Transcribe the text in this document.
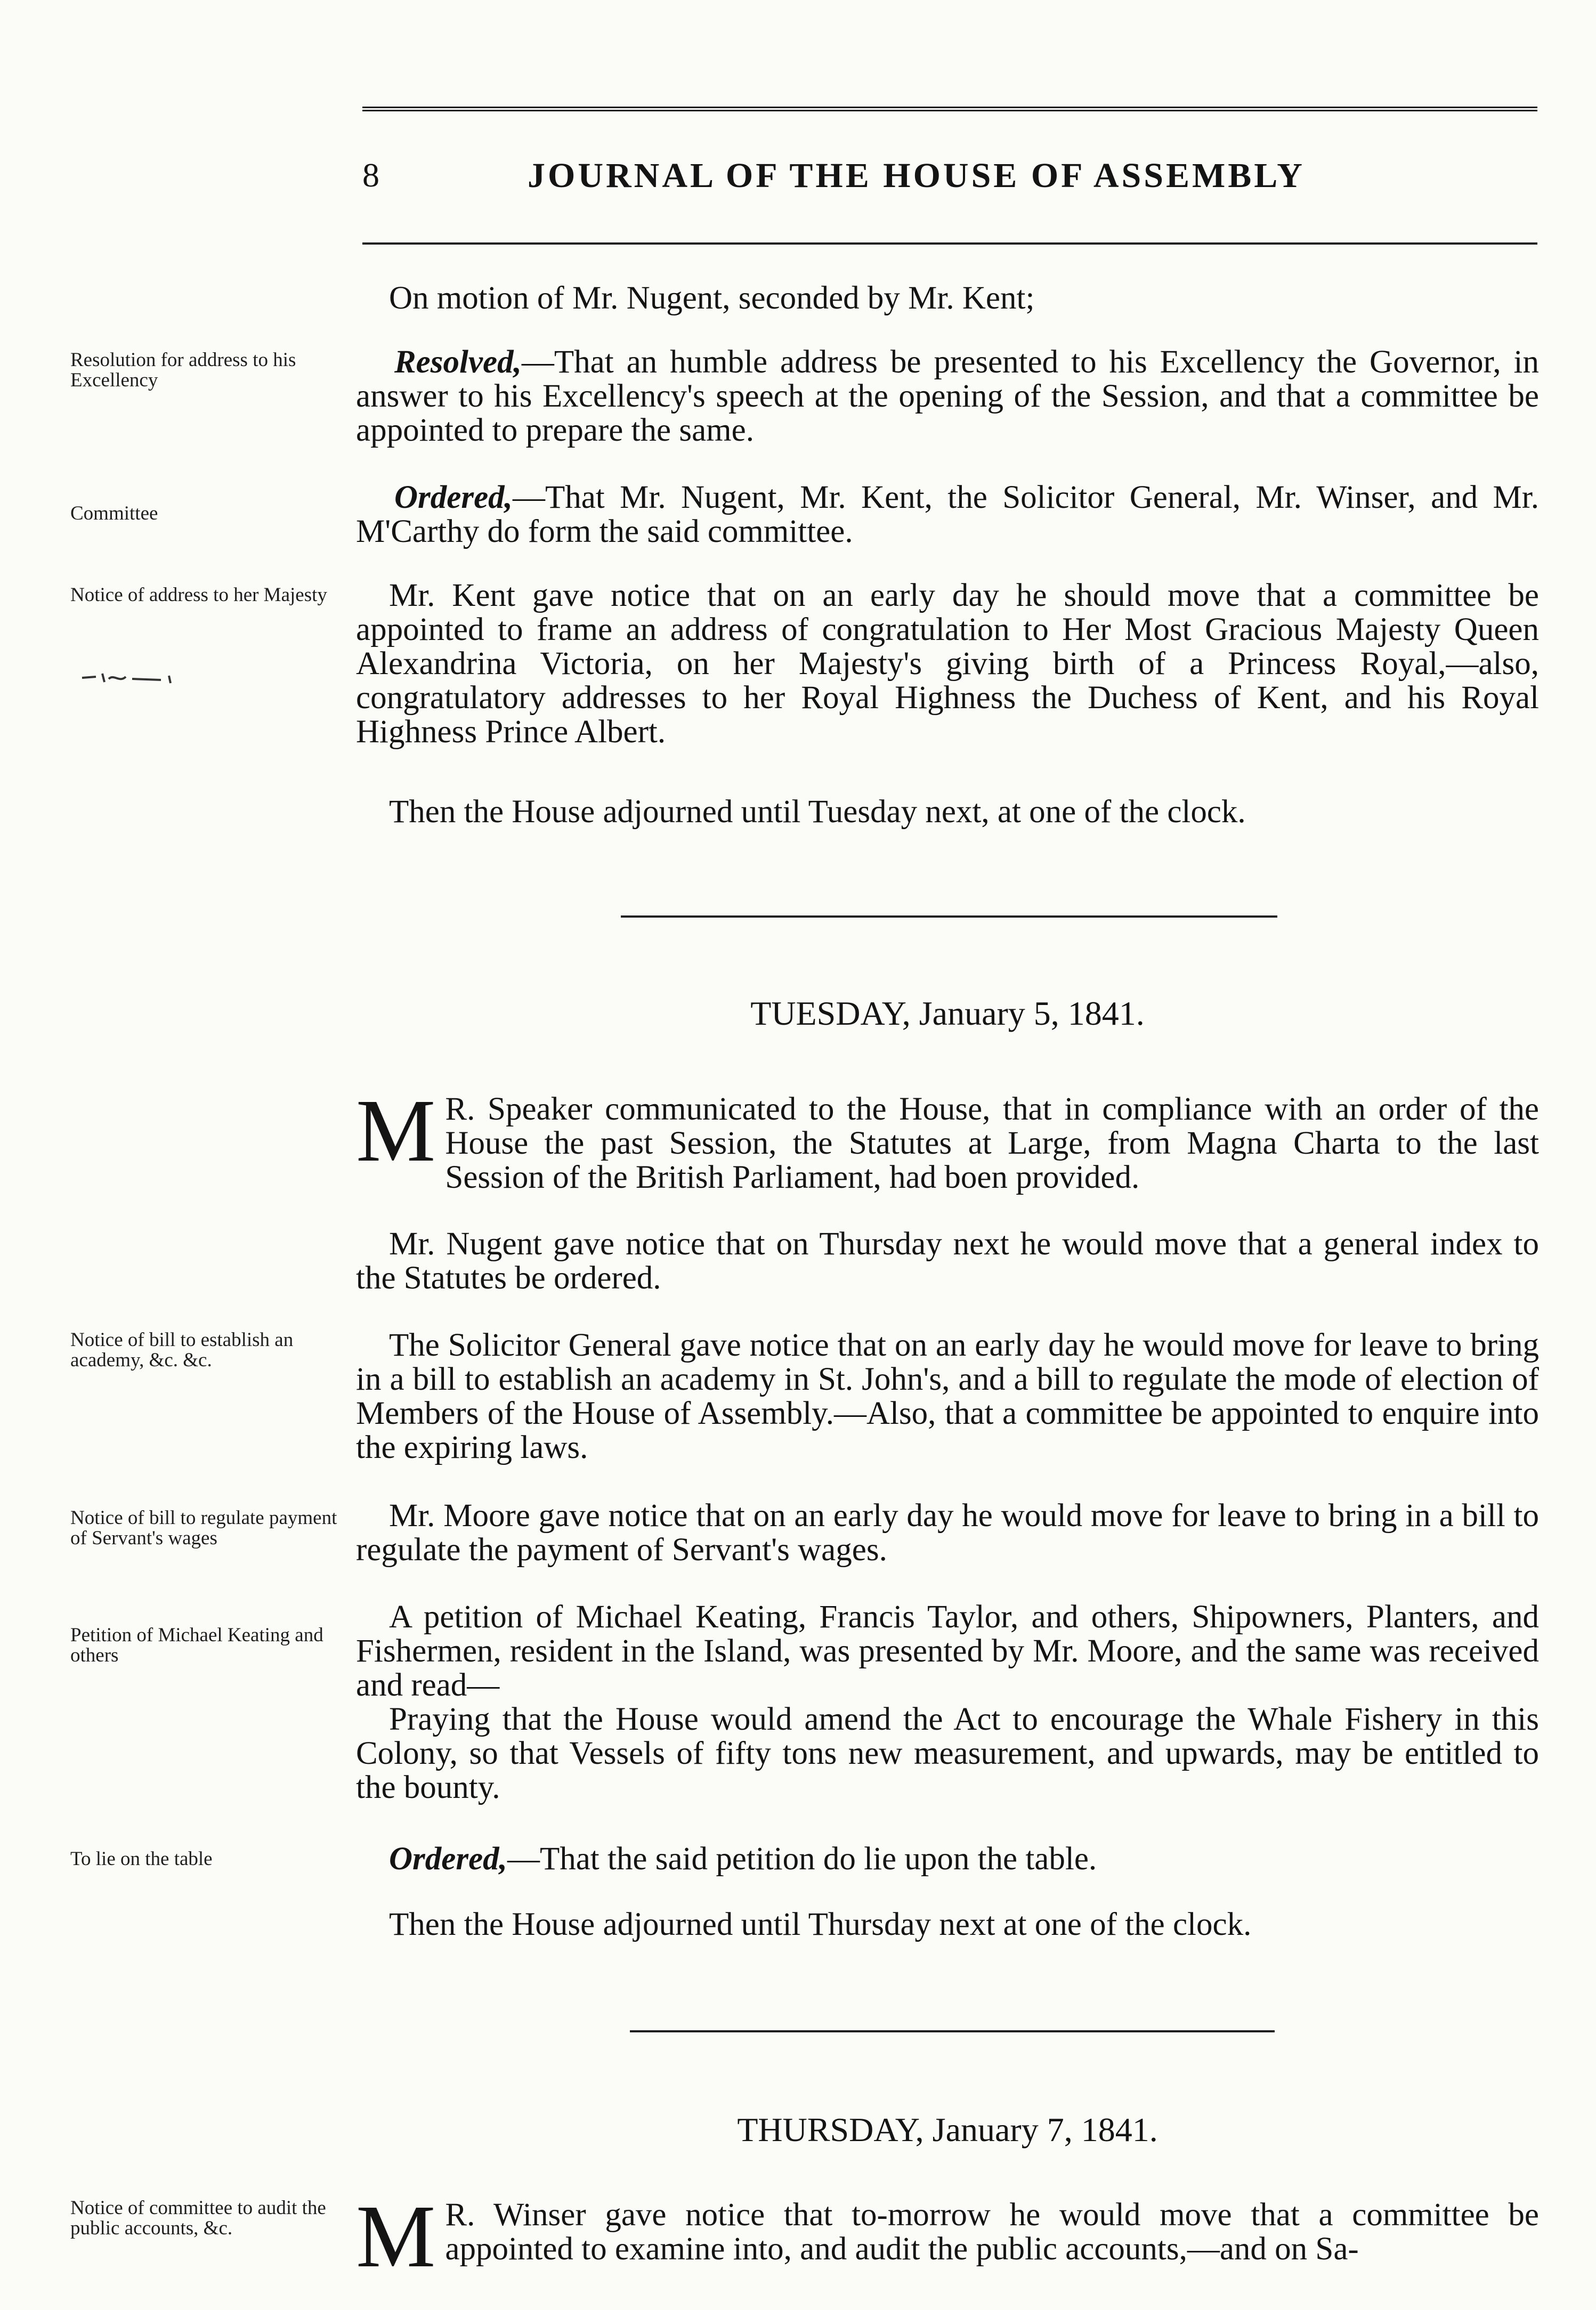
8	JOURNAL OF THE HOUSE OF ASSEMBLY

On motion of Mr. Nugent, seconded by Mr. Kent;

Resolution for address to his Excellency

Resolved,—That an humble address be presented to his Excellency the Governor, in answer to his Excellency's speech at the opening of the Session, and that a committee be appointed to prepare the same.

Committee	Ordered,—That Mr. Nugent, Mr. Kent, the Solicitor General, Mr. Winser, and Mr. M'Carthy do form the said committee.

Notice of address to her Majesty	Mr. Kent gave notice that on an early day he should move that a committee be appointed to frame an address of congratulation to Her Most Gracious Majesty Queen Alexandrina Victoria, on her Majesty's giving birth of a Princess Royal,—also, congratulatory addresses to her Royal Highness the Duchess of Kent, and his Royal Highness Prince Albert.

Then the House adjourned until Tuesday next, at one of the clock.

TUESDAY, January 5, 1841.

M R. Speaker communicated to the House, that in compliance with an order of the House the past Session, the Statutes at Large, from Magna Charta to the last Session of the British Parliament, had boen provided.

Mr. Nugent gave notice that on Thursday next he would move that a general index to the Statutes be ordered.

Notice of bill to establish an academy, &c. &c.	The Solicitor General gave notice that on an early day he would move for leave to bring in a bill to establish an academy in St. John's, and a bill to regulate the mode of election of Members of the House of Assembly.—Also, that a committee be appointed to enquire into the expiring laws.

Notice of bill to regulate payment of Servant's wages

Mr. Moore gave notice that on an early day he would move for leave to bring in a bill to regulate the payment of Servant's wages.

Petition of Michael Keating and others

A petition of Michael Keating, Francis Taylor, and others, Shipowners, Planters, and Fishermen, resident in the Island, was presented by Mr. Moore, and the same was received and read—

Praying that the House would amend the Act to encourage the Whale Fishery in this Colony, so that Vessels of fifty tons new measurement, and upwards, may be entitled to the bounty.

To lie on the table	Ordered,—That the said petition do lie upon the table.

Then the House adjourned until Thursday next at one of the clock.

THURSDAY, January 7, 1841.

Notice of committee to audit the public accounts, &c.	M R. Winser gave notice that to-morrow he would move that a committee be appointed to examine into, and audit the public accounts,—and on Sa-
